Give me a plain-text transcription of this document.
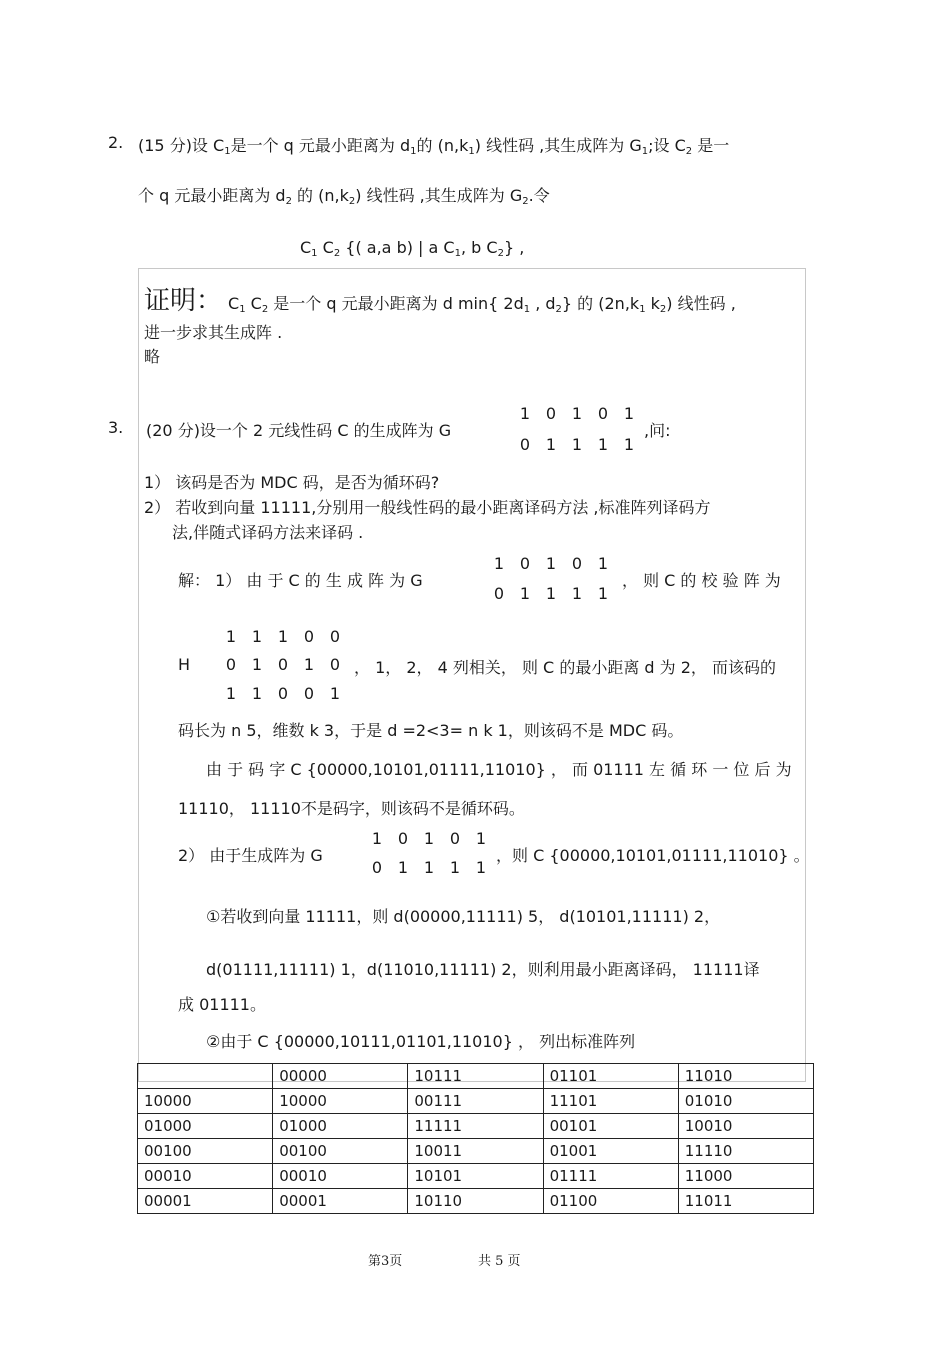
2. (15 分)设 $C_1$是一个 q 元最小距离为 $d_1$的 $(n,k_1)$ 线性码 ,其生成阵为 $G_1$;设 $C_2$ 是一
个 q 元最小距离为 $d_2$ 的 $(n,k_2)$ 线性码 ,其生成阵为 $G_2$.令
$C_1$ $C_2$ {( a,a b) | a $C_1$, b $C_2$} ,
证明： $C_1$ $C_2$ 是一个 q 元最小距离为 d min{ $2d_1$ , $d_2$} 的 ($2n,k_1$ $k_2$) 线性码 ,
进一步求其生成阵 .
略
3. (20 分)设一个 2 元线性码 C 的生成阵为 G
1 0 1 0 1
0 1 1 1 1
,问:
1） 该码是否为 MDC 码，是否为循环码?
2） 若收到向量 11111,分别用一般线性码的最小距离译码方法 ,标准阵列译码方
法,伴随式译码方法来译码 .
解： 1） 由 于 C 的 生 成 阵 为 G
1 0 1 0 1
0 1 1 1 1
， 则 C 的 校 验 阵 为
H
1 1 1 0 0
0 1 0 1 0
1 1 0 0 1
， 1， 2， 4 列相关， 则 C 的最小距离 d 为 2， 而该码的
码长为 n 5，维数 k 3，于是 d =2<3= n k 1，则该码不是 MDC 码。
由 于 码 字 C {00000,10101,01111,11010} ， 而 01111 左 循 环 一 位 后 为
11110， 11110不是码字，则该码不是循环码。
2） 由于生成阵为 G
1 0 1 0 1
0 1 1 1 1
，则 C {00000,10101,01111,11010} 。
①若收到向量 11111，则 d(00000,11111) 5， d(10101,11111) 2，
d(01111,11111) 1，d(11010,11111) 2，则利用最小距离译码， 11111译
成 01111。
②由于 C {00000,10111,01101,11010} ， 列出标准阵列
	00000	10111	01101	11010
10000	10000	00111	11101	01010
01000	01000	11111	00101	10010
00100	00100	10011	01001	11110
00010	00010	10101	01111	11000
00001	00001	10110	01100	11011
第3页	共 5 页
